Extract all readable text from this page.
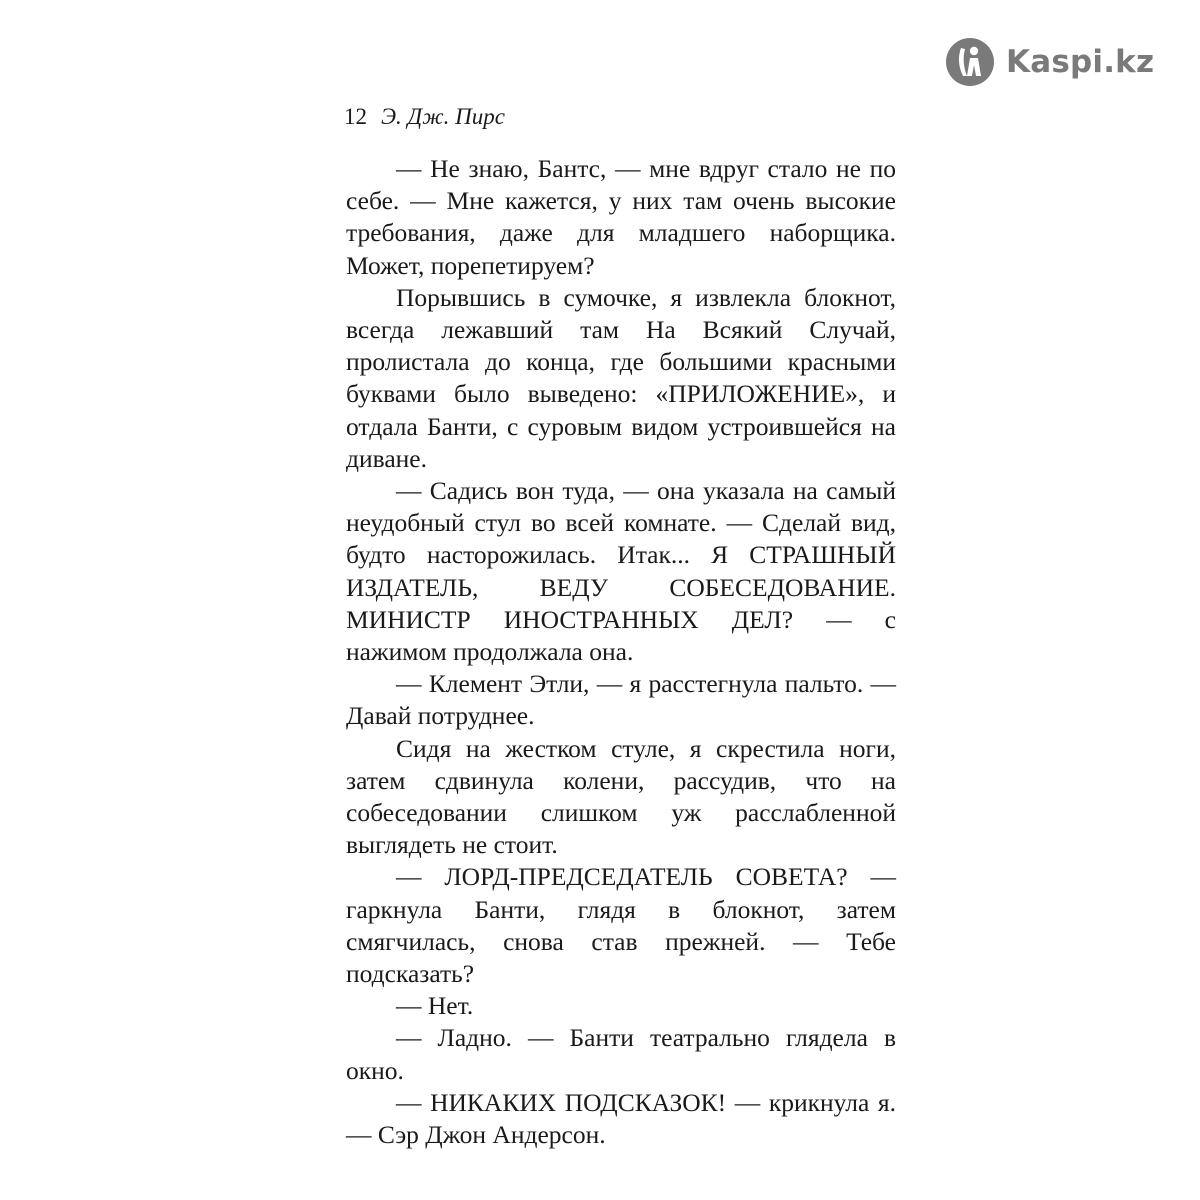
Kaspi.kz
12 Э. Дж. Пирс

— Не знаю, Бантс, — мне вдруг стало не по себе. — Мне кажется, у них там очень высокие требования, даже для младшего наборщика. Может, порепетируем?

Порывшись в сумочке, я извлекла блокнот, всегда лежавший там На Всякий Случай, пролистала до конца, где большими красными буквами было выведено: «ПРИЛОЖЕНИЕ», и отдала Банти, с суровым видом устроившейся на диване.

— Садись вон туда, — она указала на самый неудобный стул во всей комнате. — Сделай вид, будто насторожилась. Итак... Я СТРАШНЫЙ ИЗДАТЕЛЬ, ВЕДУ СОБЕСЕДОВАНИЕ. МИНИСТР ИНОСТРАННЫХ ДЕЛ? — с нажимом продолжала она.

— Клемент Этли, — я расстегнула пальто. — Давай потруднее.

Сидя на жестком стуле, я скрестила ноги, затем сдвинула колени, рассудив, что на собеседовании слишком уж расслабленной выглядеть не стоит.

— ЛОРД-ПРЕДСЕДАТЕЛЬ СОВЕТА? — гаркнула Банти, глядя в блокнот, затем смягчилась, снова став прежней. — Тебе подсказать?

— Нет.

— Ладно. — Банти театрально глядела в окно.

— НИКАКИХ ПОДСКАЗОК! — крикнула я. — Сэр Джон Андерсон.
